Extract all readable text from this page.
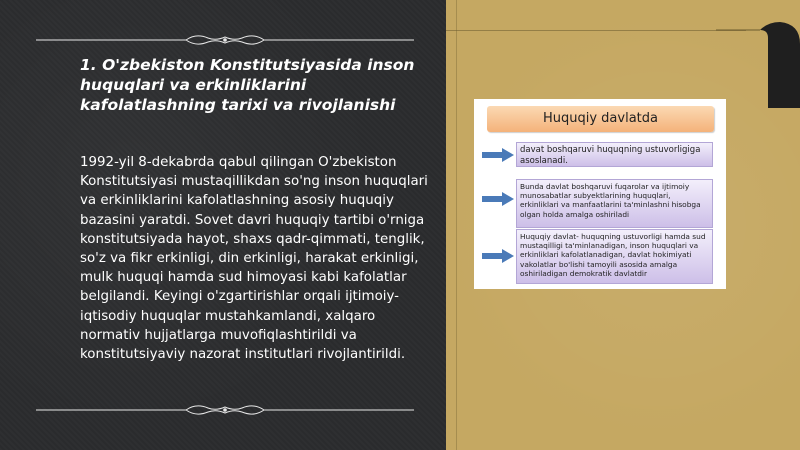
1. O'zbekiston Konstitutsiyasida inson huquqlari va erkinliklarini kafolatlashning tarixi va rivojlanishi
1992-yil 8-dekabrda qabul qilingan O'zbekiston Konstitutsiyasi mustaqillikdan so'ng inson huquqlari va erkinliklarini kafolatlashning asosiy huquqiy bazasini yaratdi. Sovet davri huquqiy tartibi o'rniga konstitutsiyada hayot, shaxs qadr-qimmati, tenglik, so'z va fikr erkinligi, din erkinligi, harakat erkinligi, mulk huquqi hamda sud himoyasi kabi kafolatlar belgilandi. Keyingi o'zgartirishlar orqali ijtimoiy-iqtisodiy huquqlar mustahkamlandi, xalqaro normativ hujjatlarga muvofiqlashtirildi va konstitutsiyaviy nazorat institutlari rivojlantirildi.
Huquqiy davlatda
davat boshqaruvi huquqning ustuvorligiga asoslanadi.
Bunda davlat boshqaruvi fuqarolar va ijtimoiy munosabatlar subyektlarining huquqlari, erkinliklari va manfaatlarini ta'minlashni hisobga olgan holda amalga oshiriladi
Huquqiy davlat- huquqning ustuvorligi hamda sud mustaqilligi ta'minlanadigan, inson huquqlari va erkinliklari kafolatlanadigan, davlat hokimiyati vakolatlar bo'lishi tamoyili asosida amalga oshiriladigan demokratik davlatdir
